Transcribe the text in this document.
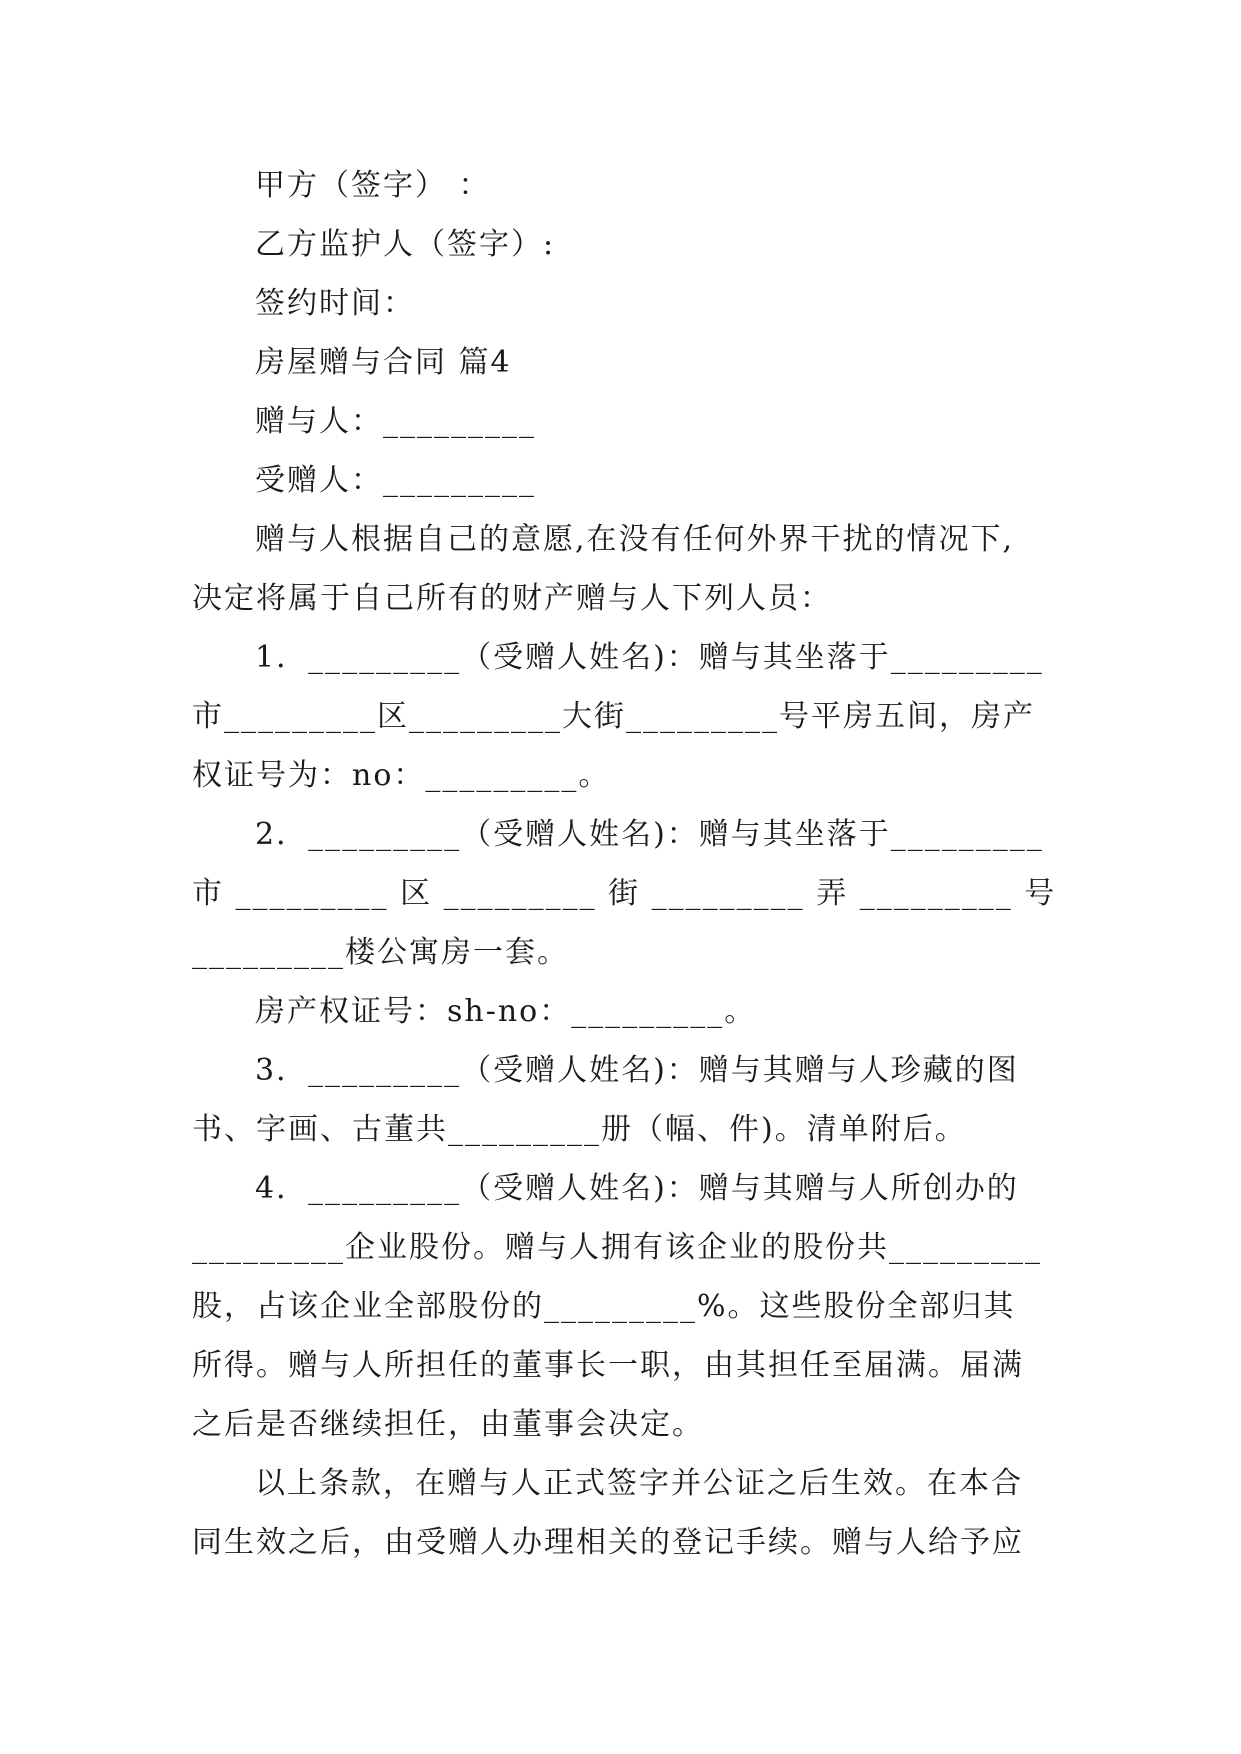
甲方（签字） ：
乙方监护人（签字）:
签约时间：
房屋赠与合同 篇4
赠与人：_________
受赠人：_________
赠与人根据自己的意愿,在没有任何外界干扰的情况下,
决定将属于自己所有的财产赠与人下列人员：
1．_________（受赠人姓名)：赠与其坐落于_________
市_________区_________大街_________号平房五间，房产
权证号为：no：_________。
2．_________（受赠人姓名)：赠与其坐落于_________
市 _________ 区 _________ 街 _________ 弄 _________ 号
_________楼公寓房一套。
房产权证号：sh-no：_________。
3．_________（受赠人姓名)：赠与其赠与人珍藏的图
书、字画、古董共_________册（幅、件)。清单附后。
4．_________（受赠人姓名)：赠与其赠与人所创办的
_________企业股份。赠与人拥有该企业的股份共_________
股，占该企业全部股份的_________%。这些股份全部归其
所得。赠与人所担任的董事长一职，由其担任至届满。届满
之后是否继续担任，由董事会决定。
以上条款，在赠与人正式签字并公证之后生效。在本合
同生效之后，由受赠人办理相关的登记手续。赠与人给予应
